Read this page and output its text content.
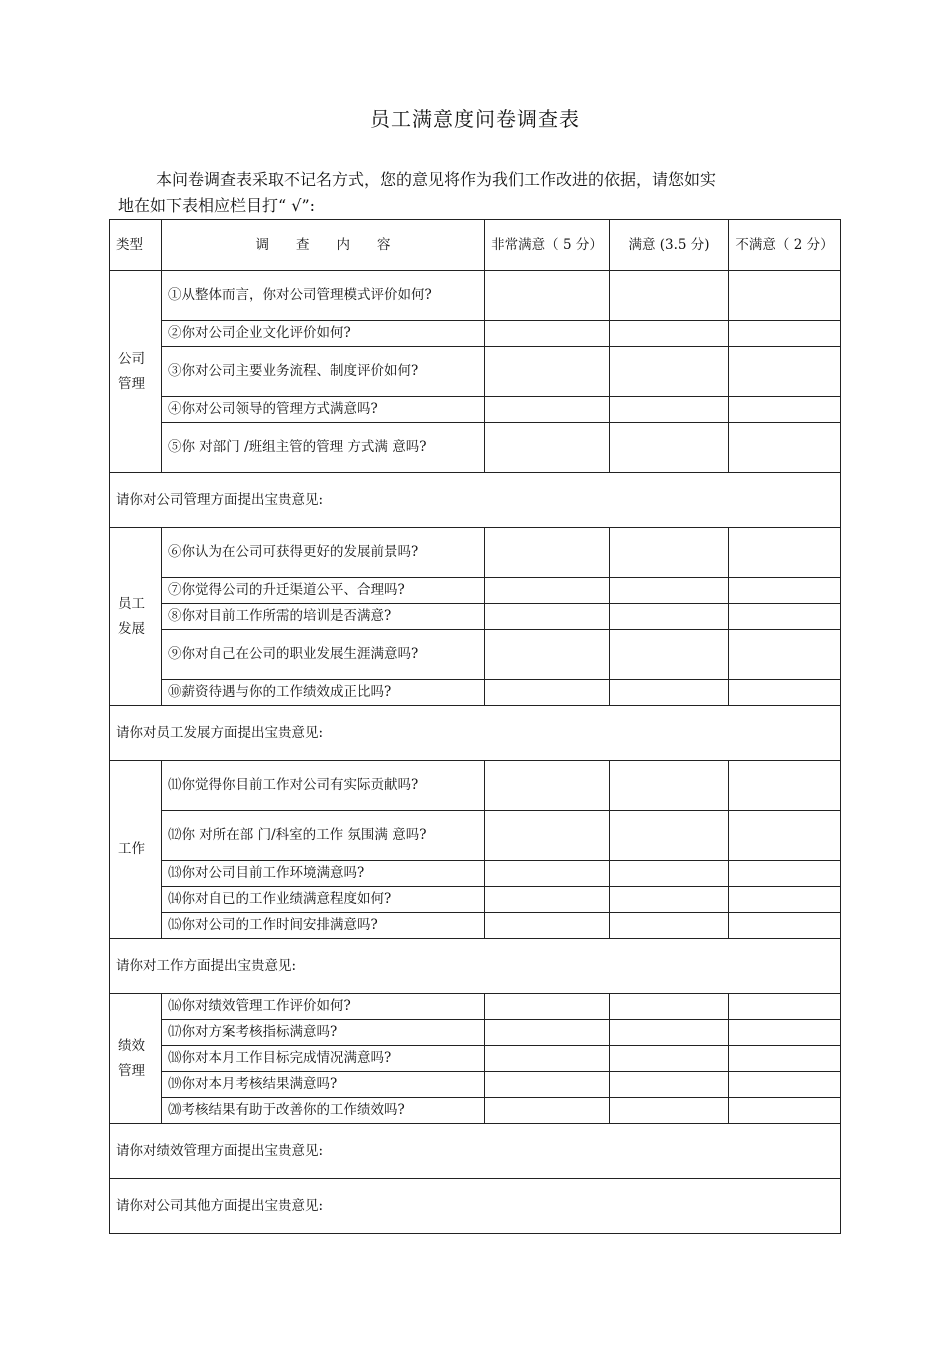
员工满意度问卷调查表
本问卷调查表采取不记名方式，您的意见将作为我们工作改进的依据，请您如实
地在如下表相应栏目打“ √”:
类型	调　　查　　内　　容	非常满意（ 5 分）	满意 (3.5 分)	不满意（ 2 分）
公司管理	①从整体而言，你对公司管理模式评价如何?			
	②你对公司企业文化评价如何?			
	③你对公司主要业务流程、制度评价如何?			
	④你对公司领导的管理方式满意吗?			
	⑤你 对部门 /班组主管的管理 方式满 意吗?			

请你对公司管理方面提出宝贵意见:				

员工发展	⑥你认为在公司可获得更好的发展前景吗?			
	⑦你觉得公司的升迁渠道公平、合理吗?			
	⑧你对目前工作所需的培训是否满意?			
	⑨你对自己在公司的职业发展生涯满意吗?			
	⑩薪资待遇与你的工作绩效成正比吗?			

请你对员工发展方面提出宝贵意见:				

工作	⑾你觉得你目前工作对公司有实际贡献吗?			
	⑿你 对所在部 门/科室的工作 氛围满 意吗?			
	⒀你对公司目前工作环境满意吗?			
	⒁你对自已的工作业绩满意程度如何?			
	⒂你对公司的工作时间安排满意吗?			

请你对工作方面提出宝贵意见:				

绩效管理	⒃你对绩效管理工作评价如何?			
	⒄你对方案考核指标满意吗?			
	⒅你对本月工作目标完成情况满意吗?			
	⒆你对本月考核结果满意吗?			
	⒇考核结果有助于改善你的工作绩效吗?			

请你对绩效管理方面提出宝贵意见:				

请你对公司其他方面提出宝贵意见:				
